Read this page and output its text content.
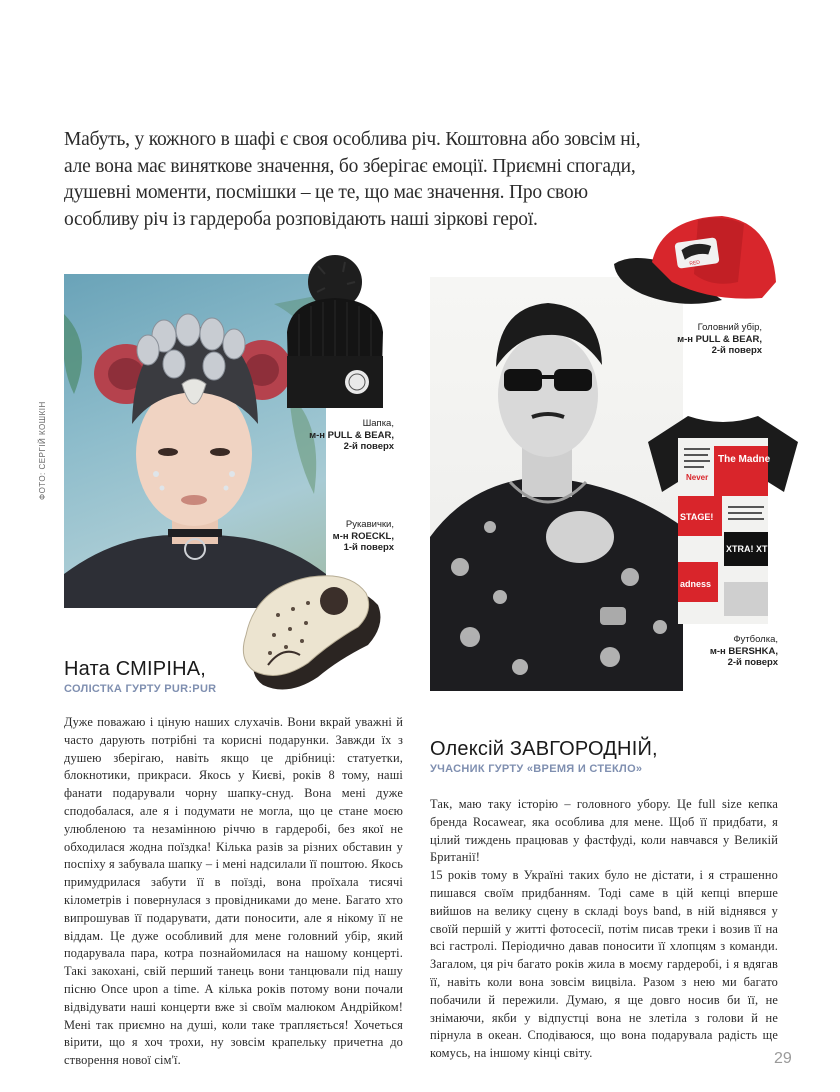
Мабуть, у кожного в шафі є своя особлива річ. Коштовна або зовсім ні, але вона має виняткове значення, бо зберігає емоції. Приємні спогади, душевні моменти, посмішки – це те, що має значення. Про свою особливу річ із гардероба розповідають наші зіркові герої.
ФОТО: СЕРГІЙ КОШКІН	Шапка,
м-н PULL & BEAR,
2-й поверх
Рукавички,
м-н ROECKL,
1-й поверх
Ната СМІРІНА,
СОЛІСТКА ГУРТУ PUR:PUR

Дуже поважаю і ціную наших слухачів. Вони вкрай уважні й часто дарують потрібні та корисні подарунки. Завжди їх з душею зберігаю, навіть якщо це дрібниці: статуетки, блокнотики, прикраси. Якось у Києві, років 8 тому, наші фанати подарували чорну шапку-снуд. Вона мені дуже сподобалася, але я і подумати не могла, що це стане моєю улюбленою та незамінною річчю в гардеробі, без якої не обходилася жодна поїздка! Кілька разів за різних обставин у поспіху я забувала шапку – і мені надсилали її поштою. Якось примудрилася забути її в поїзді, вона проїхала тисячі кілометрів і повернулася з провідниками до мене. Багато хто випрошував її подарувати, дати поносити, але я нікому її не віддам. Це дуже особливий для мене головний убір, який подарувала пара, котра познайомилася на нашому концерті. Такі закохані, свій перший танець вони танцювали під нашу пісню Once upon a time. А кілька років потому вони почали відвідувати наші концерти вже зі своїм малюком Андрійком! Мені так приємно на душі, коли таке трапляється! Хочеться вірити, що я хоч трохи, ну зовсім крапельку причетна до створення нової сім'ї.

RED
Never
The Madne
STAGE!
XTRA! XTRA
adness
Головний убір,
м-н PULL & BEAR,
2-й поверх
Футболка,
м-н BERSHKA,
2-й поверх
Олексій ЗАВГОРОДНІЙ,
УЧАСНИК ГУРТУ «ВРЕМЯ И СТЕКЛО»

Так, маю таку історію – головного убору. Це full size кепка бренда Rocawear, яка особлива для мене. Щоб її придбати, я цілий тиждень працював у фастфуді, коли навчався у Великій Британії!

15 років тому в Україні таких було не дістати, і я страшенно пишався своїм придбанням. Тоді саме в цій кепці вперше вийшов на велику сцену в складі boys band, в ній віднявся у своїй першій у житті фотосесії, потім писав треки і возив її на всі гастролі. Періодично давав поносити її хлопцям з команди. Загалом, ця річ багато років жила в моєму гардеробі, і я вдягав її, навіть коли вона зовсім вицвіла. Разом з нею ми багато побачили й пережили. Думаю, я ще довго носив би її, не знімаючи, якби у відпустці вона не злетіла з голови й не пірнула в океан. Сподіваюся, що вона подарувала радість ще комусь, на іншому кінці світу.	29
